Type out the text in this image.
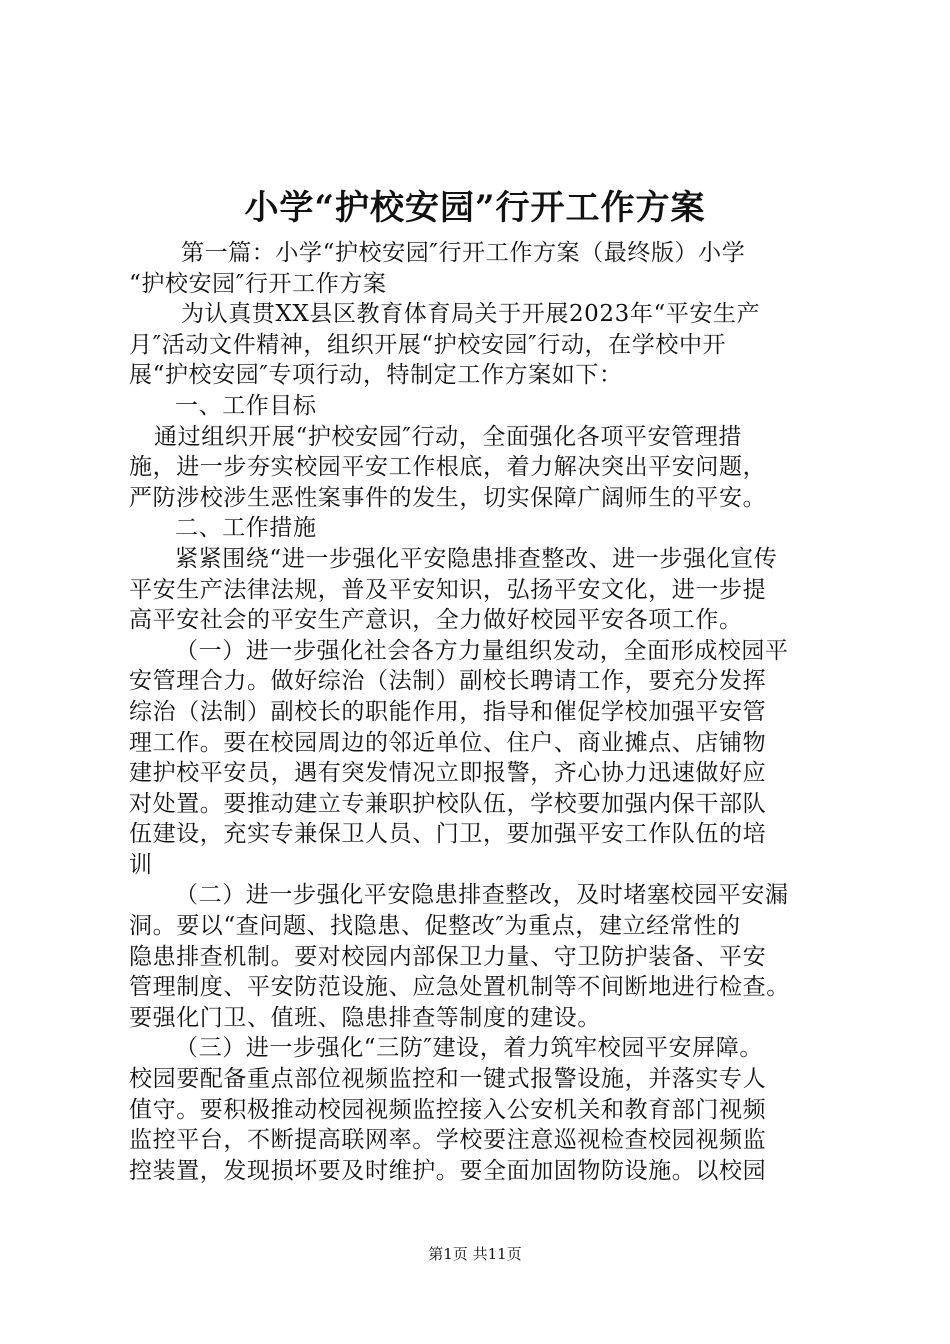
小学“护校安园”行开工作方案
第一篇：小学“护校安园″行开工作方案（最终版）小学
“护校安园″行开工作方案
为认真贯XX县区教育体育局关于开展2023年“平安生产
月″活动文件精神，组织开展“护校安园″行动，在学校中开
展“护校安园″专项行动，特制定工作方案如下：
一、工作目标
通过组织开展“护校安园″行动，全面强化各项平安管理措
施，进一步夯实校园平安工作根底，着力解决突出平安问题，
严防涉校涉生恶性案事件的发生，切实保障广阔师生的平安。
二、工作措施
紧紧围绕“进一步强化平安隐患排查整改、进一步强化宣传
平安生产法律法规，普及平安知识，弘扬平安文化，进一步提
高平安社会的平安生产意识，全力做好校园平安各项工作。
（一）进一步强化社会各方力量组织发动，全面形成校园平
安管理合力。做好综治（法制）副校长聘请工作，要充分发挥
综治（法制）副校长的职能作用，指导和催促学校加强平安管
理工作。要在校园周边的邻近单位、住户、商业摊点、店铺物
建护校平安员，遇有突发情况立即报警，齐心协力迅速做好应
对处置。要推动建立专兼职护校队伍，学校要加强内保干部队
伍建设，充实专兼保卫人员、门卫，要加强平安工作队伍的培
训
（二）进一步强化平安隐患排查整改，及时堵塞校园平安漏
洞。要以“查问题、找隐患、促整改″为重点，建立经常性的
隐患排查机制。要对校园内部保卫力量、守卫防护装备、平安
管理制度、平安防范设施、应急处置机制等不间断地进行检查。
要强化门卫、值班、隐患排查等制度的建设。
（三）进一步强化“三防″建设，着力筑牢校园平安屏障。
校园要配备重点部位视频监控和一键式报警设施，并落实专人
值守。要积极推动校园视频监控接入公安机关和教育部门视频
监控平台，不断提高联网率。学校要注意巡视检查校园视频监
控装置，发现损坏要及时维护。要全面加固物防设施。以校园
第1页 共11页
